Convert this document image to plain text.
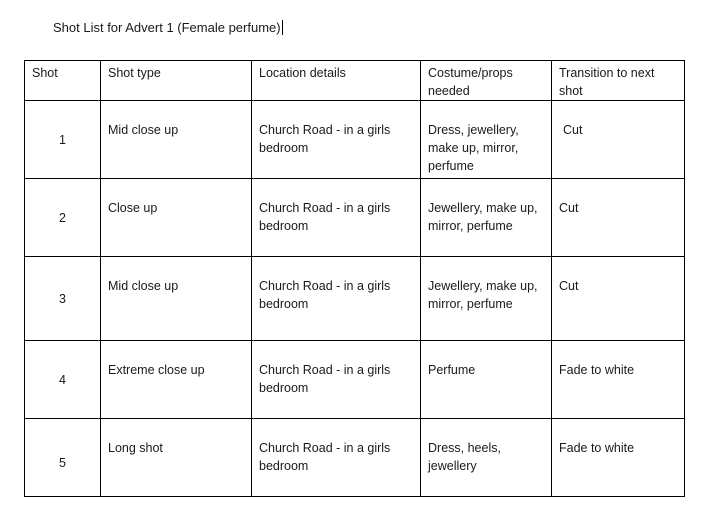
Shot List for Advert 1 (Female perfume)
Shot	Shot type	Location details	Costume/props needed	Transition to next shot
1	Mid close up	Church Road - in a girls bedroom	Dress, jewellery, make up, mirror, perfume	Cut
2	Close up	Church Road - in a girls bedroom	Jewellery, make up, mirror, perfume	Cut
3	Mid close up	Church Road - in a girls bedroom	Jewellery, make up, mirror, perfume	Cut
4	Extreme close up	Church Road - in a girls bedroom	Perfume	Fade to white
5	Long shot	Church Road - in a girls bedroom	Dress, heels, jewellery	Fade to white
